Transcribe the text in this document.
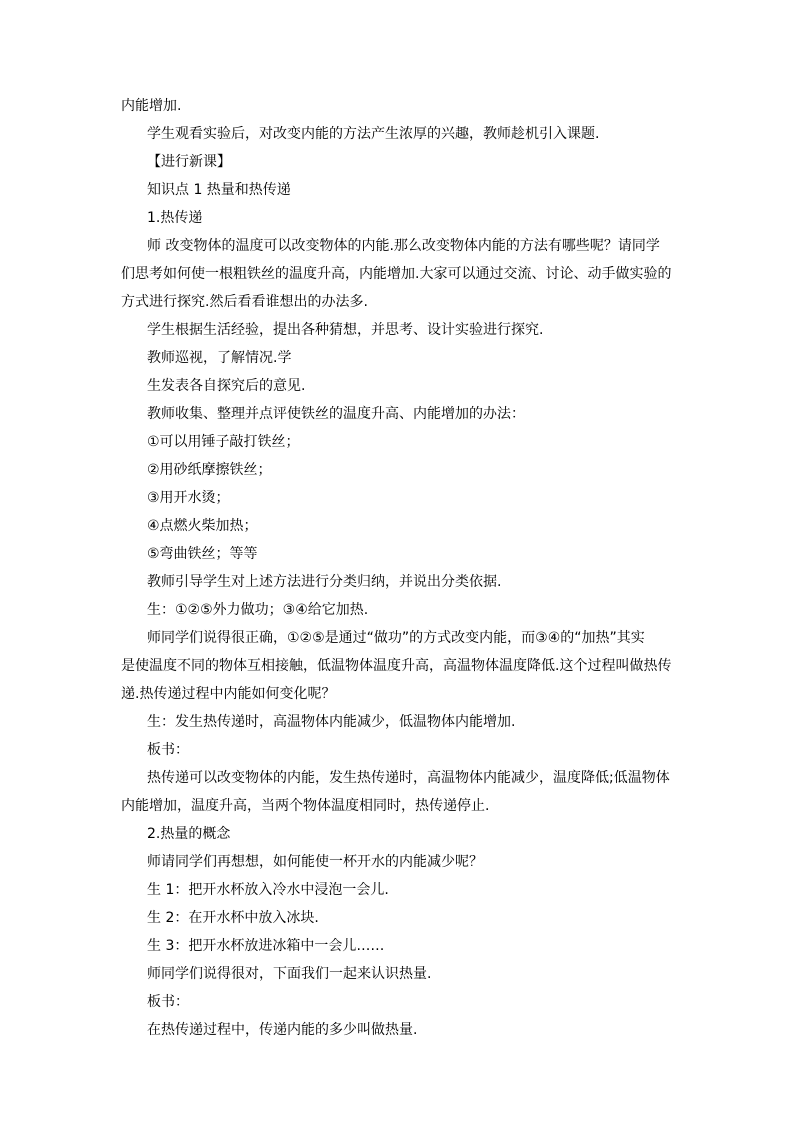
内能增加.
学生观看实验后，对改变内能的方法产生浓厚的兴趣，教师趁机引入课题.
【进行新课】
知识点 1 热量和热传递
1.热传递
师 改变物体的温度可以改变物体的内能.那么改变物体内能的方法有哪些呢？请同学
们思考如何使一根粗铁丝的温度升高，内能增加.大家可以通过交流、讨论、动手做实验的
方式进行探究.然后看看谁想出的办法多.
学生根据生活经验，提出各种猜想，并思考、设计实验进行探究.
教师巡视，了解情况.学
生发表各自探究后的意见.
教师收集、整理并点评使铁丝的温度升高、内能增加的办法：
①可以用锤子敲打铁丝；
②用砂纸摩擦铁丝；
③用开水烫；
④点燃火柴加热；
⑤弯曲铁丝；等等
教师引导学生对上述方法进行分类归纳，并说出分类依据.
生：①②⑤外力做功；③④给它加热.
师同学们说得很正确，①②⑤是通过“做功”的方式改变内能，而③④的“加热”其实
是使温度不同的物体互相接触，低温物体温度升高，高温物体温度降低.这个过程叫做热传
递.热传递过程中内能如何变化呢？
生：发生热传递时，高温物体内能减少，低温物体内能增加.
板书：
热传递可以改变物体的内能，发生热传递时，高温物体内能减少，温度降低;低温物体
内能增加，温度升高，当两个物体温度相同时，热传递停止.
2.热量的概念
师请同学们再想想，如何能使一杯开水的内能减少呢？
生 1：把开水杯放入冷水中浸泡一会儿.
生 2：在开水杯中放入冰块.
生 3：把开水杯放进冰箱中一会儿……
师同学们说得很对，下面我们一起来认识热量.
板书：
在热传递过程中，传递内能的多少叫做热量.
